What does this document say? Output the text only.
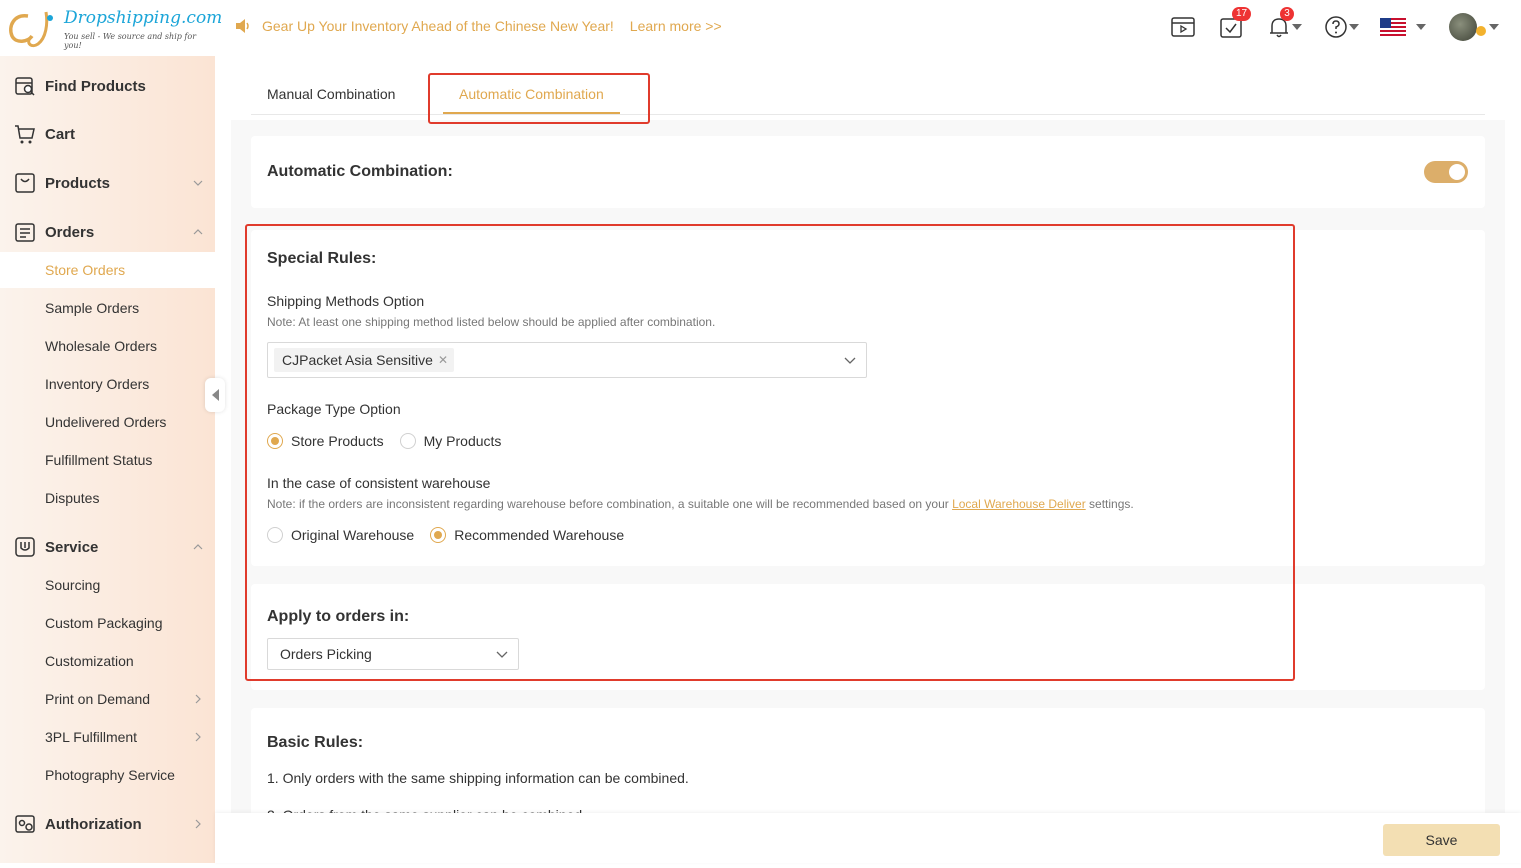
Dropshipping.com
You sell - We source and ship for you!
Gear Up Your Inventory Ahead of the Chinese New Year! Learn more >>
17	3
Find Products
Cart
Products
Orders
Store Orders
Sample Orders
Wholesale Orders
Inventory Orders
Undelivered Orders
Fulfillment Status
Disputes
Service
Sourcing
Custom Packaging
Customization
Print on Demand
3PL Fulfillment
Photography Service
Authorization
Manual Combination	Automatic Combination
Automatic Combination:
Special Rules:
Shipping Methods Option
Note: At least one shipping method listed below should be applied after combination.
CJPacket Asia Sensitive ✕
Package Type Option
Store Products	My Products
In the case of consistent warehouse
Note: if the orders are inconsistent regarding warehouse before combination, a suitable one will be recommended based on your Local Warehouse Deliver settings.
Original Warehouse	Recommended Warehouse
Apply to orders in:
Orders Picking
Basic Rules:
1. Only orders with the same shipping information can be combined.
Save
